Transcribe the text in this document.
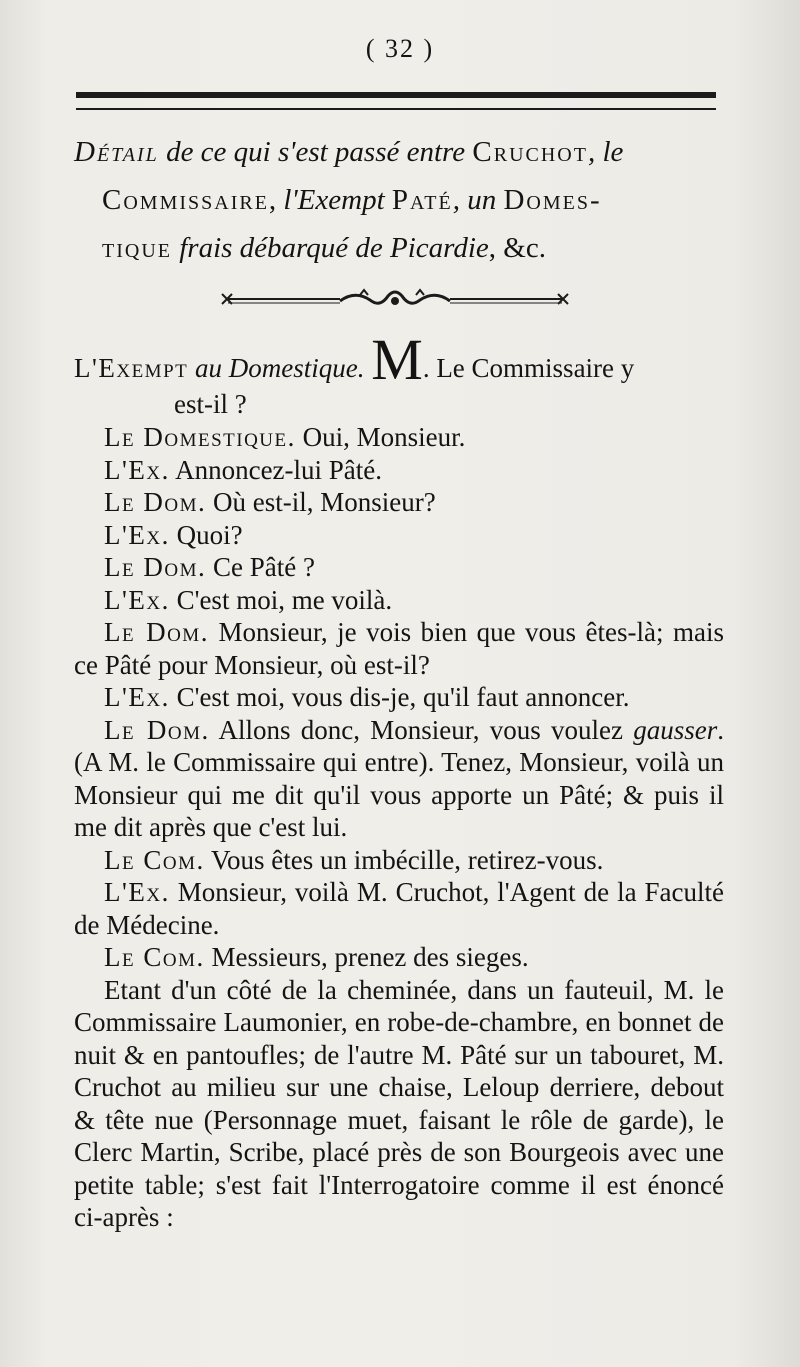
( 32 )

Détail de ce qui s'est passé entre Cruchot, le

Commissaire, l'Exempt Paté, un Domes-

tique frais débarqué de Picardie, &c.

L'Exempt au Domestique. M. Le Commissaire y

est-il ?

Le Domestique. Oui, Monsieur.

L'Ex. Annoncez-lui Pâté.

Le Dom. Où est-il, Monsieur?

L'Ex. Quoi?

Le Dom. Ce Pâté ?

L'Ex. C'est moi, me voilà.

Le Dom. Monsieur, je vois bien que vous êtes-là; mais ce Pâté pour Monsieur, où est-il?

L'Ex. C'est moi, vous dis-je, qu'il faut annoncer.

Le Dom. Allons donc, Monsieur, vous voulez gausser. (A M. le Commissaire qui entre). Tenez, Monsieur, voilà un Monsieur qui me dit qu'il vous apporte un Pâté; & puis il me dit après que c'est lui.

Le Com. Vous êtes un imbécille, retirez-vous.

L'Ex. Monsieur, voilà M. Cruchot, l'Agent de la Faculté de Médecine.

Le Com. Messieurs, prenez des sieges.

Etant d'un côté de la cheminée, dans un fauteuil, M. le Commissaire Laumonier, en robe-de-chambre, en bonnet de nuit & en pantoufles; de l'autre M. Pâté sur un tabouret, M. Cruchot au milieu sur une chaise, Leloup derriere, debout & tête nue (Personnage muet, faisant le rôle de garde), le Clerc Martin, Scribe, placé près de son Bourgeois avec une petite table; s'est fait l'Interrogatoire comme il est énoncé ci-après :
